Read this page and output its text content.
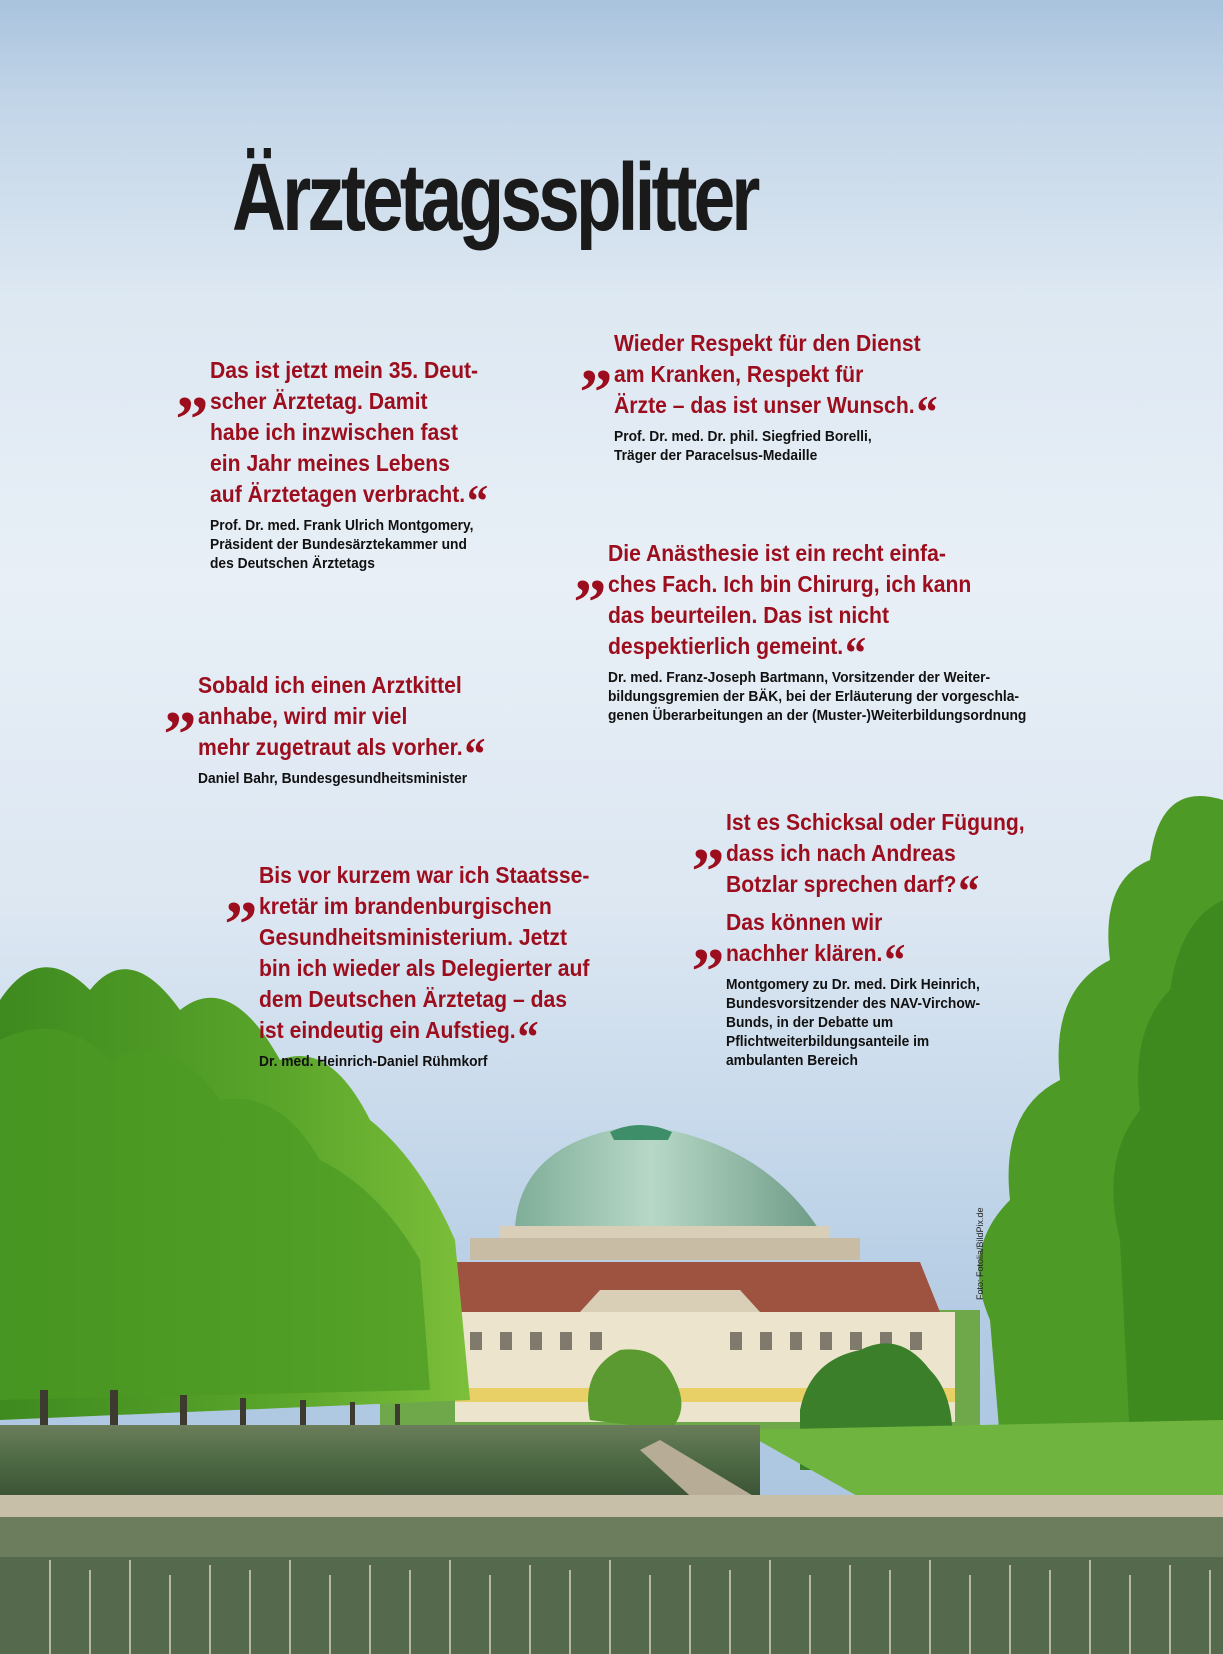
Ärztetagssplitter
„ Das ist jetzt mein 35. Deut-
scher Ärztetag. Damit
habe ich inzwischen fast
ein Jahr meines Lebens
auf Ärztetagen verbracht.“

Prof. Dr. med. Frank Ulrich Montgomery,
Präsident der Bundesärztekammer und
des Deutschen Ärztetags

„ Wieder Respekt für den Dienst
am Kranken, Respekt für
Ärzte – das ist unser Wunsch.“

Prof. Dr. med. Dr. phil. Siegfried Borelli,
Träger der Paracelsus-Medaille

„ Die Anästhesie ist ein recht einfa-
ches Fach. Ich bin Chirurg, ich kann
das beurteilen. Das ist nicht
despektierlich gemeint.“

Dr. med. Franz-Joseph Bartmann, Vorsitzender der Weiter-
bildungsgremien der BÄK, bei der Erläuterung der vorgeschla-
genen Überarbeitungen an der (Muster-)Weiterbildungsordnung

„ Sobald ich einen Arztkittel
anhabe, wird mir viel
mehr zugetraut als vorher.“

Daniel Bahr, Bundesgesundheitsminister

„ Ist es Schicksal oder Fügung,
dass ich nach Andreas
Botzlar sprechen darf?“

„ Das können wir
nachher klären.“

Montgomery zu Dr. med. Dirk Heinrich,
Bundesvorsitzender des NAV-Virchow-
Bunds, in der Debatte um
Pflichtweiterbildungsanteile im
ambulanten Bereich

„ Bis vor kurzem war ich Staatsse-
kretär im brandenburgischen
Gesundheitsministerium. Jetzt
bin ich wieder als Delegierter auf
dem Deutschen Ärztetag – das
ist eindeutig ein Aufstieg.“

Dr. med. Heinrich-Daniel Rühmkorf

Foto: Fotolia/BildPix.de
